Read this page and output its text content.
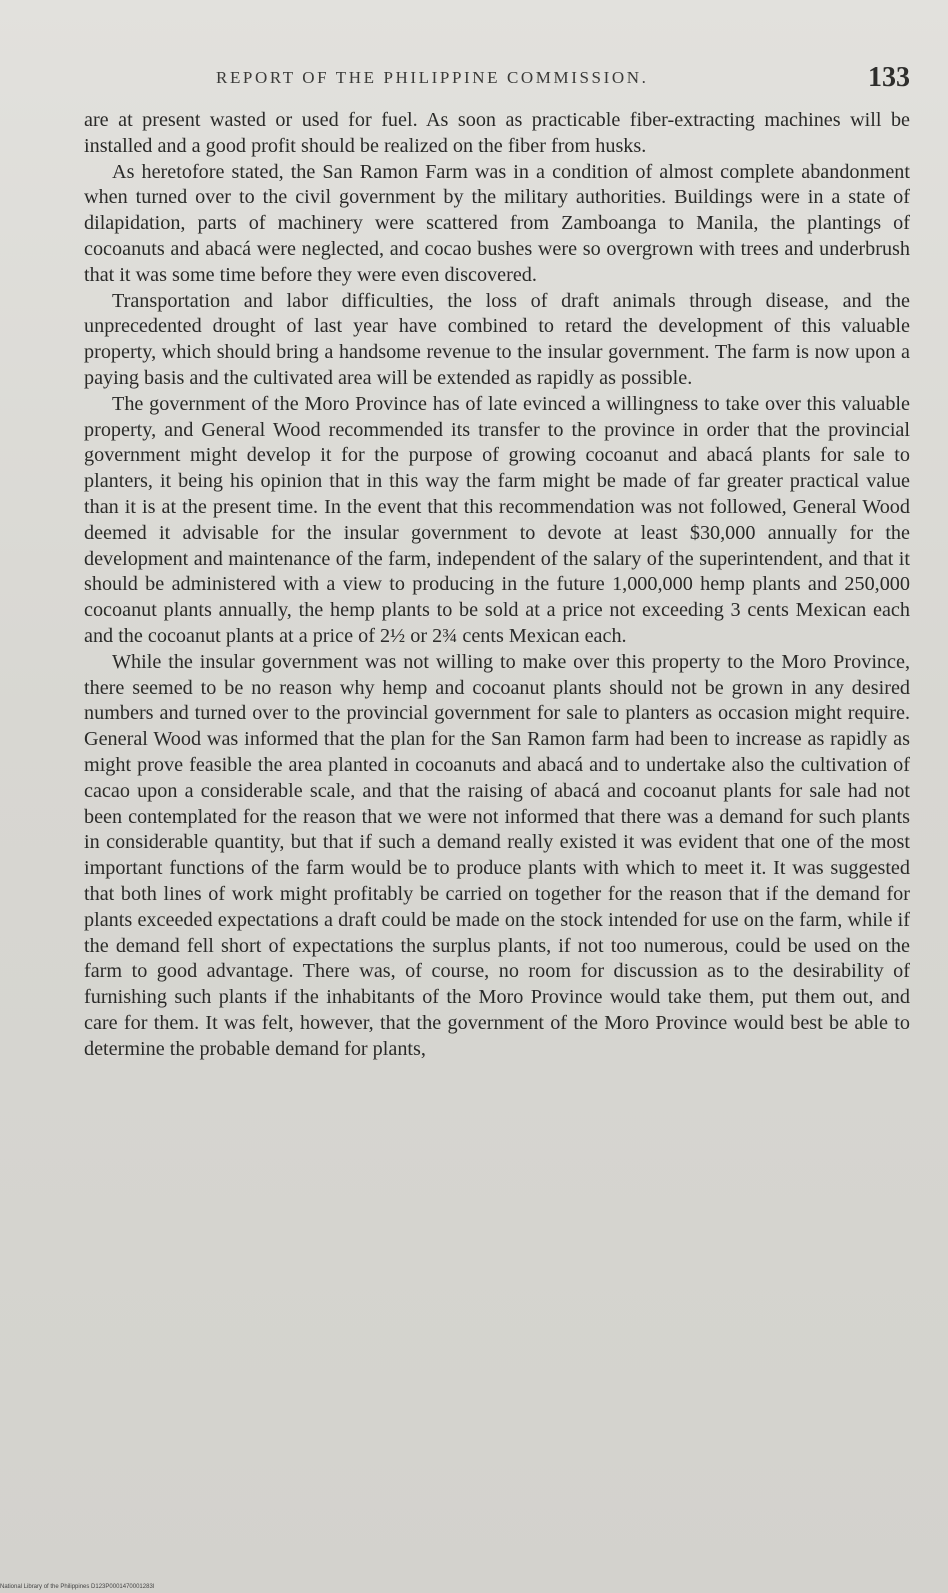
REPORT OF THE PHILIPPINE COMMISSION.	133

are at present wasted or used for fuel. As soon as practicable fiber-extracting machines will be installed and a good profit should be realized on the fiber from husks.

As heretofore stated, the San Ramon Farm was in a condition of almost complete abandonment when turned over to the civil government by the military authorities. Buildings were in a state of dilapidation, parts of machinery were scattered from Zamboanga to Manila, the plantings of cocoanuts and abacá were neglected, and cocao bushes were so overgrown with trees and underbrush that it was some time before they were even discovered.

Transportation and labor difficulties, the loss of draft animals through disease, and the unprecedented drought of last year have combined to retard the development of this valuable property, which should bring a handsome revenue to the insular government. The farm is now upon a paying basis and the cultivated area will be extended as rapidly as possible.

The government of the Moro Province has of late evinced a willingness to take over this valuable property, and General Wood recommended its transfer to the province in order that the provincial government might develop it for the purpose of growing cocoanut and abacá plants for sale to planters, it being his opinion that in this way the farm might be made of far greater practical value than it is at the present time. In the event that this recommendation was not followed, General Wood deemed it advisable for the insular government to devote at least $30,000 annually for the development and maintenance of the farm, independent of the salary of the superintendent, and that it should be administered with a view to producing in the future 1,000,000 hemp plants and 250,000 cocoanut plants annually, the hemp plants to be sold at a price not exceeding 3 cents Mexican each and the cocoanut plants at a price of 2½ or 2¾ cents Mexican each.

While the insular government was not willing to make over this property to the Moro Province, there seemed to be no reason why hemp and cocoanut plants should not be grown in any desired numbers and turned over to the provincial government for sale to planters as occasion might require. General Wood was informed that the plan for the San Ramon farm had been to increase as rapidly as might prove feasible the area planted in cocoanuts and abacá and to undertake also the cultivation of cacao upon a considerable scale, and that the raising of abacá and cocoanut plants for sale had not been contemplated for the reason that we were not informed that there was a demand for such plants in considerable quantity, but that if such a demand really existed it was evident that one of the most important functions of the farm would be to produce plants with which to meet it. It was suggested that both lines of work might profitably be carried on together for the reason that if the demand for plants exceeded expectations a draft could be made on the stock intended for use on the farm, while if the demand fell short of expectations the surplus plants, if not too numerous, could be used on the farm to good advantage. There was, of course, no room for discussion as to the desirability of furnishing such plants if the inhabitants of the Moro Province would take them, put them out, and care for them. It was felt, however, that the government of the Moro Province would best be able to determine the probable demand for plants,

National Library of the Philippines D123P0001470001283l
